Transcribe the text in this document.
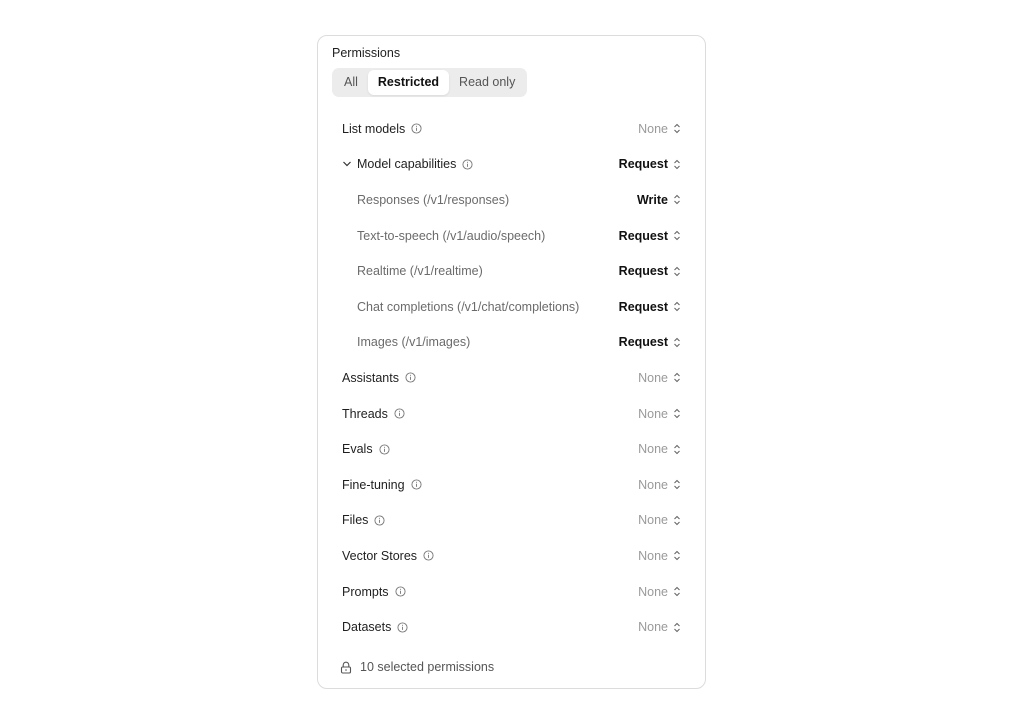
Permissions
All	Restricted	Read only
List models	None
Model capabilities	Request
Responses (/v1/responses)	Write
Text-to-speech (/v1/audio/speech)	Request
Realtime (/v1/realtime)	Request
Chat completions (/v1/chat/completions)	Request
Images (/v1/images)	Request
Assistants	None
Threads	None
Evals	None
Fine-tuning	None
Files	None
Vector Stores	None
Prompts	None
Datasets	None
10 selected permissions
